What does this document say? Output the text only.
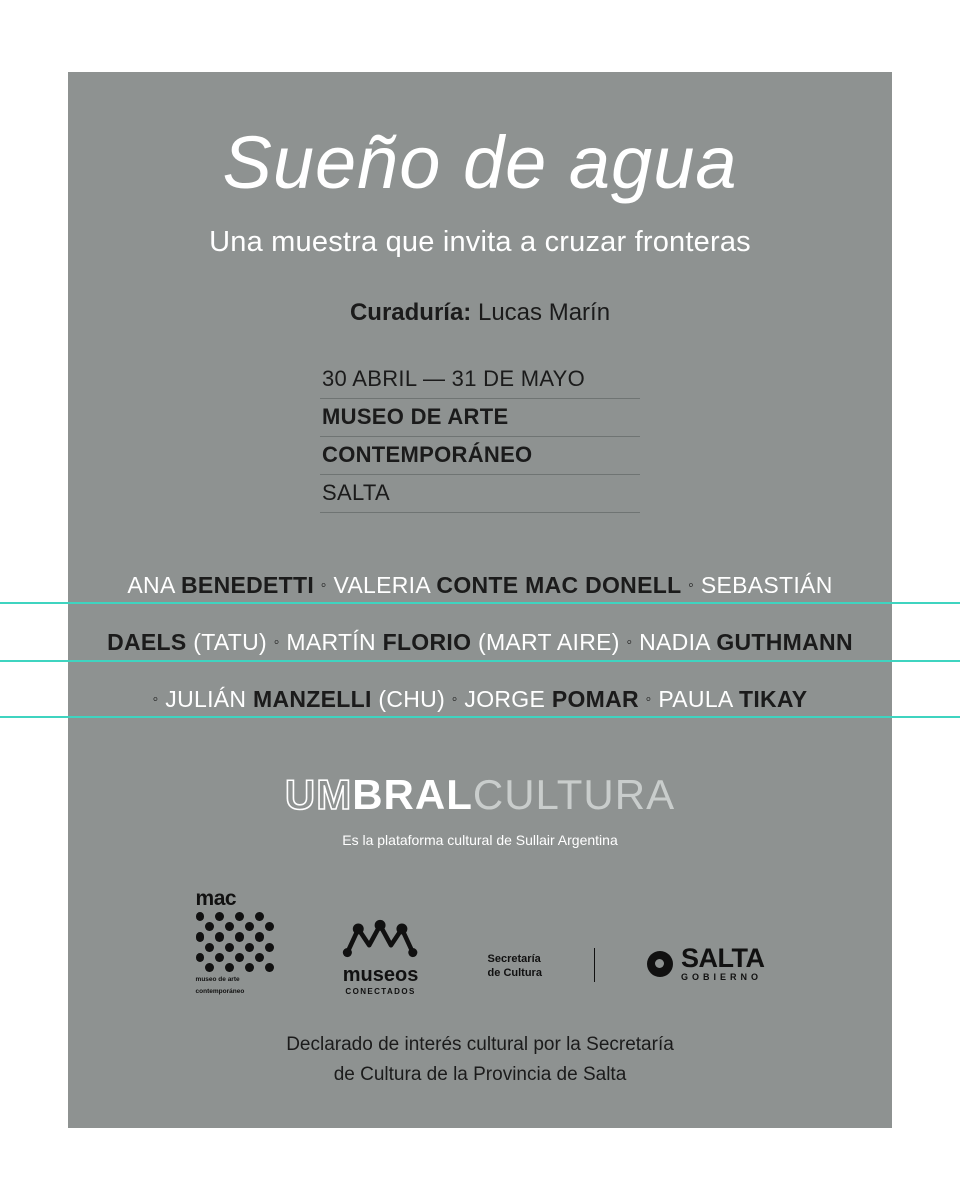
Sueño de agua
Una muestra que invita a cruzar fronteras
Curaduría: Lucas Marín
30 ABRIL — 31 DE MAYO
MUSEO DE ARTE
CONTEMPORÁNEO
SALTA
ANA BENEDETTI ◦ VALERIA CONTE MAC DONELL ◦ SEBASTIÁN
DAELS (TATU) ◦ MARTÍN FLORIO (MART AIRE) ◦ NADIA GUTHMANN
◦ JULIÁN MANZELLI (CHU) ◦ JORGE POMAR ◦ PAULA TIKAY
UMBRALCULTURA
Es la plataforma cultural de Sullair Argentina
mac
museo de arte
contemporáneo
museos
CONECTADOS
Secretaría
de Cultura	SALTA
GOBIERNO
Declarado de interés cultural por la Secretaría
de Cultura de la Provincia de Salta
